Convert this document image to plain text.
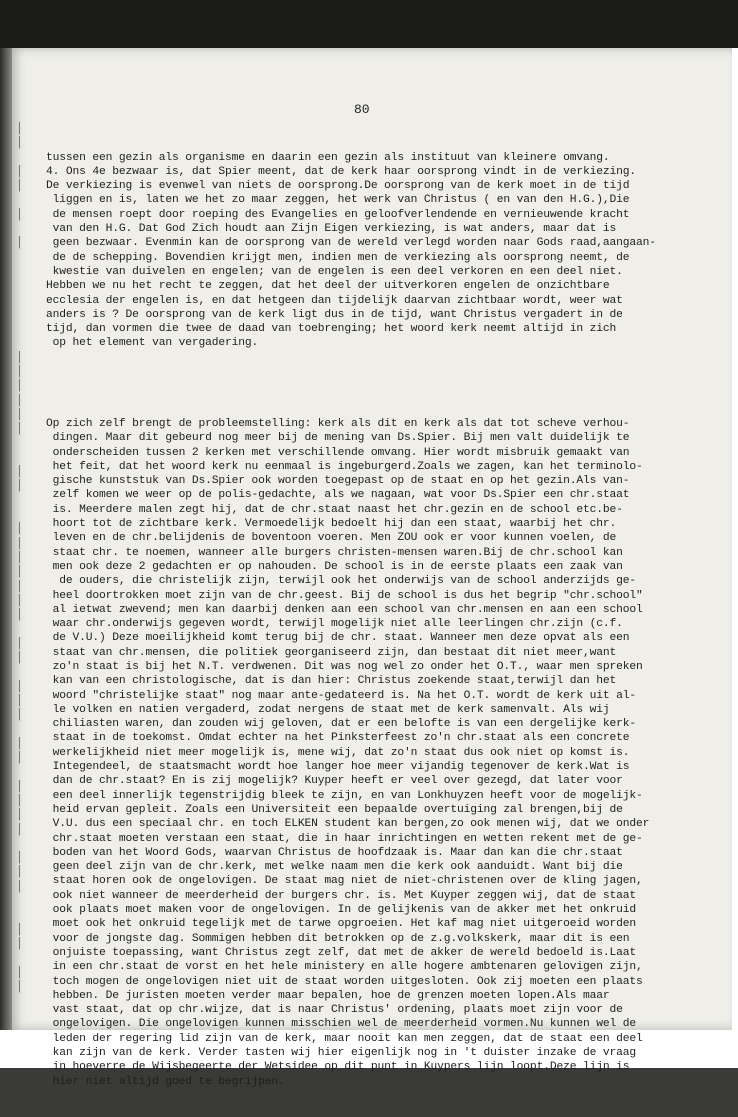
80
│
│
│
│
│
│
│
│
│
│
│
│
│
│
│
│
│
│
│
│
│
│
│
│
│
│
│
│
│
│
│
│
│
│
│
│
│
│
│

tussen een gezin als organisme en daarin een gezin als instituut van kleinere omvang.
4. Ons 4e bezwaar is, dat Spier meent, dat de kerk haar oorsprong vindt in de verkiezing.
De verkiezing is evenwel van niets de oorsprong.De oorsprong van de kerk moet in de tijd
liggen en is, laten we het zo maar zeggen, het werk van Christus ( en van den H.G.),Die
de mensen roept door roeping des Evangelies en geloofverlendende en vernieuwende kracht
van den H.G. Dat God Zich houdt aan Zijn Eigen verkiezing, is wat anders, maar dat is
geen bezwaar. Evenmin kan de oorsprong van de wereld verlegd worden naar Gods raad,aangaan-
de de schepping. Bovendien krijgt men, indien men de verkiezing als oorsprong neemt, de
kwestie van duivelen en engelen; van de engelen is een deel verkoren en een deel niet.
Hebben we nu het recht te zeggen, dat het deel der uitverkoren engelen de onzichtbare
ecclesia der engelen is, en dat hetgeen dan tijdelijk daarvan zichtbaar wordt, weer wat
anders is ? De oorsprong van de kerk ligt dus in de tijd, want Christus vergadert in de
tijd, dan vormen die twee de daad van toebrenging; het woord kerk neemt altijd in zich
op het element van vergadering.

Op zich zelf brengt de probleemstelling: kerk als dit en kerk als dat tot scheve verhou-
dingen. Maar dit gebeurd nog meer bij de mening van Ds.Spier. Bij men valt duidelijk te
onderscheiden tussen 2 kerken met verschillende omvang. Hier wordt misbruik gemaakt van
het feit, dat het woord kerk nu eenmaal is ingeburgerd.Zoals we zagen, kan het terminolo-
gische kunststuk van Ds.Spier ook worden toegepast op de staat en op het gezin.Als van-
zelf komen we weer op de polis-gedachte, als we nagaan, wat voor Ds.Spier een chr.staat
is. Meerdere malen zegt hij, dat de chr.staat naast het chr.gezin en de school etc.be-
hoort tot de zichtbare kerk. Vermoedelijk bedoelt hij dan een staat, waarbij het chr.
leven en de chr.belijdenis de boventoon voeren. Men ZOU ook er voor kunnen voelen, de
staat chr. te noemen, wanneer alle burgers christen-mensen waren.Bij de chr.school kan
men ook deze 2 gedachten er op nahouden. De school is in de eerste plaats een zaak van
de ouders, die christelijk zijn, terwijl ook het onderwijs van de school anderzijds ge-
heel doortrokken moet zijn van de chr.geest. Bij de school is dus het begrip "chr.school"
al ietwat zwevend; men kan daarbij denken aan een school van chr.mensen en aan een school
waar chr.onderwijs gegeven wordt, terwijl mogelijk niet alle leerlingen chr.zijn (c.f.
de V.U.) Deze moeilijkheid komt terug bij de chr. staat. Wanneer men deze opvat als een
staat van chr.mensen, die politiek georganiseerd zijn, dan bestaat dit niet meer,want
zo'n staat is bij het N.T. verdwenen. Dit was nog wel zo onder het O.T., waar men spreken
kan van een christologische, dat is dan hier: Christus zoekende staat,terwijl dan het
woord "christelijke staat" nog maar ante-gedateerd is. Na het O.T. wordt de kerk uit al-
le volken en natien vergaderd, zodat nergens de staat met de kerk samenvalt. Als wij
chiliasten waren, dan zouden wij geloven, dat er een belofte is van een dergelijke kerk-
staat in de toekomst. Omdat echter na het Pinksterfeest zo'n chr.staat als een concrete
werkelijkheid niet meer mogelijk is, mene wij, dat zo'n staat dus ook niet op komst is.
Integendeel, de staatsmacht wordt hoe langer hoe meer vijandig tegenover de kerk.Wat is
dan de chr.staat? En is zij mogelijk? Kuyper heeft er veel over gezegd, dat later voor
een deel innerlijk tegenstrijdig bleek te zijn, en van Lonkhuyzen heeft voor de mogelijk-
heid ervan gepleit. Zoals een Universiteit een bepaalde overtuiging zal brengen,bij de
V.U. dus een speciaal chr. en toch ELKEN student kan bergen,zo ook menen wij, dat we onder
chr.staat moeten verstaan een staat, die in haar inrichtingen en wetten rekent met de ge-
boden van het Woord Gods, waarvan Christus de hoofdzaak is. Maar dan kan die chr.staat
geen deel zijn van de chr.kerk, met welke naam men die kerk ook aanduidt. Want bij die
staat horen ook de ongelovigen. De staat mag niet de niet-christenen over de kling jagen,
ook niet wanneer de meerderheid der burgers chr. is. Met Kuyper zeggen wij, dat de staat
ook plaats moet maken voor de ongelovigen. In de gelijkenis van de akker met het onkruid
moet ook het onkruid tegelijk met de tarwe opgroeien. Het kaf mag niet uitgeroeid worden
voor de jongste dag. Sommigen hebben dit betrokken op de z.g.volkskerk, maar dit is een
onjuiste toepassing, want Christus zegt zelf, dat met de akker de wereld bedoeld is.Laat
in een chr.staat de vorst en het hele ministery en alle hogere ambtenaren gelovigen zijn,
toch mogen de ongelovigen niet uit de staat worden uitgesloten. Ook zij moeten een plaats
hebben. De juristen moeten verder maar bepalen, hoe de grenzen moeten lopen.Als maar
vast staat, dat op chr.wijze, dat is naar Christus' ordening, plaats moet zijn voor de
ongelovigen. Die ongelovigen kunnen misschien wel de meerderheid vormen.Nu kunnen wel de
leden der regering lid zijn van de kerk, maar nooit kan men zeggen, dat de staat een deel
kan zijn van de kerk. Verder tasten wij hier eigenlijk nog in 't duister inzake de vraag
in hoeverre de Wijsbegeerte der Wetsidee op dit punt in Kuypers lijn loopt.Deze lijn is
hier niet altijd goed te begrijpen.
